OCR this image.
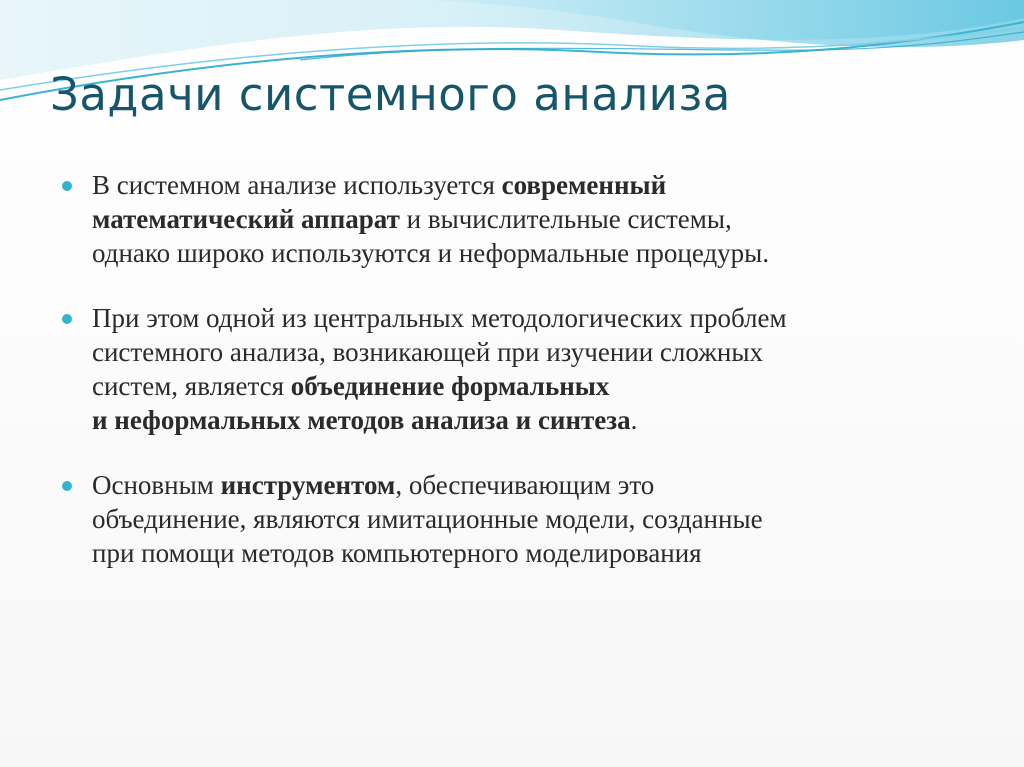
Задачи системного анализа
В системном анализе используется современный
математический аппарат и вычислительные системы,
однако широко используются и неформальные процедуры.
При этом одной из центральных методологических проблем
системного анализа, возникающей при изучении сложных
систем, является объединение формальных
и неформальных методов анализа и синтеза.
Основным инструментом, обеспечивающим это
объединение, являются имитационные модели, созданные
при помощи методов компьютерного моделирования
